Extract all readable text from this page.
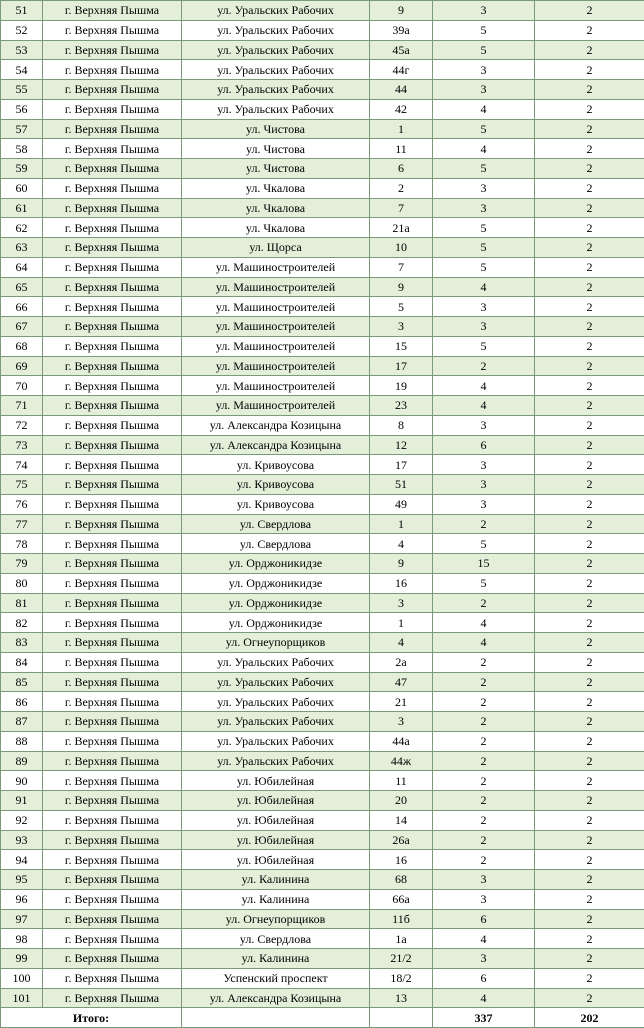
51	г. Верхняя Пышма	ул. Уральских Рабочих	9	3	2
52	г. Верхняя Пышма	ул. Уральских Рабочих	39а	5	2
53	г. Верхняя Пышма	ул. Уральских Рабочих	45а	5	2
54	г. Верхняя Пышма	ул. Уральских Рабочих	44г	3	2
55	г. Верхняя Пышма	ул. Уральских Рабочих	44	3	2
56	г. Верхняя Пышма	ул. Уральских Рабочих	42	4	2
57	г. Верхняя Пышма	ул. Чистова	1	5	2
58	г. Верхняя Пышма	ул. Чистова	11	4	2
59	г. Верхняя Пышма	ул. Чистова	6	5	2
60	г. Верхняя Пышма	ул. Чкалова	2	3	2
61	г. Верхняя Пышма	ул. Чкалова	7	3	2
62	г. Верхняя Пышма	ул. Чкалова	21а	5	2
63	г. Верхняя Пышма	ул. Щорса	10	5	2
64	г. Верхняя Пышма	ул. Машиностроителей	7	5	2
65	г. Верхняя Пышма	ул. Машиностроителей	9	4	2
66	г. Верхняя Пышма	ул. Машиностроителей	5	3	2
67	г. Верхняя Пышма	ул. Машиностроителей	3	3	2
68	г. Верхняя Пышма	ул. Машиностроителей	15	5	2
69	г. Верхняя Пышма	ул. Машиностроителей	17	2	2
70	г. Верхняя Пышма	ул. Машиностроителей	19	4	2
71	г. Верхняя Пышма	ул. Машиностроителей	23	4	2
72	г. Верхняя Пышма	ул. Александра Козицына	8	3	2
73	г. Верхняя Пышма	ул. Александра Козицына	12	6	2
74	г. Верхняя Пышма	ул. Кривоусова	17	3	2
75	г. Верхняя Пышма	ул. Кривоусова	51	3	2
76	г. Верхняя Пышма	ул. Кривоусова	49	3	2
77	г. Верхняя Пышма	ул. Свердлова	1	2	2
78	г. Верхняя Пышма	ул. Свердлова	4	5	2
79	г. Верхняя Пышма	ул. Орджоникидзе	9	15	2
80	г. Верхняя Пышма	ул. Орджоникидзе	16	5	2
81	г. Верхняя Пышма	ул. Орджоникидзе	3	2	2
82	г. Верхняя Пышма	ул. Орджоникидзе	1	4	2
83	г. Верхняя Пышма	ул. Огнеупорщиков	4	4	2
84	г. Верхняя Пышма	ул. Уральских Рабочих	2а	2	2
85	г. Верхняя Пышма	ул. Уральских Рабочих	47	2	2
86	г. Верхняя Пышма	ул. Уральских Рабочих	21	2	2
87	г. Верхняя Пышма	ул. Уральских Рабочих	3	2	2
88	г. Верхняя Пышма	ул. Уральских Рабочих	44а	2	2
89	г. Верхняя Пышма	ул. Уральских Рабочих	44ж	2	2
90	г. Верхняя Пышма	ул. Юбилейная	11	2	2
91	г. Верхняя Пышма	ул. Юбилейная	20	2	2
92	г. Верхняя Пышма	ул. Юбилейная	14	2	2
93	г. Верхняя Пышма	ул. Юбилейная	26а	2	2
94	г. Верхняя Пышма	ул. Юбилейная	16	2	2
95	г. Верхняя Пышма	ул. Калинина	68	3	2
96	г. Верхняя Пышма	ул. Калинина	66а	3	2
97	г. Верхняя Пышма	ул. Огнеупорщиков	11б	6	2
98	г. Верхняя Пышма	ул. Свердлова	1а	4	2
99	г. Верхняя Пышма	ул. Калинина	21/2	3	2
100	г. Верхняя Пышма	Успенский проспект	18/2	6	2
101	г. Верхняя Пышма	ул. Александра Козицына	13	4	2
Итого:				337	202
